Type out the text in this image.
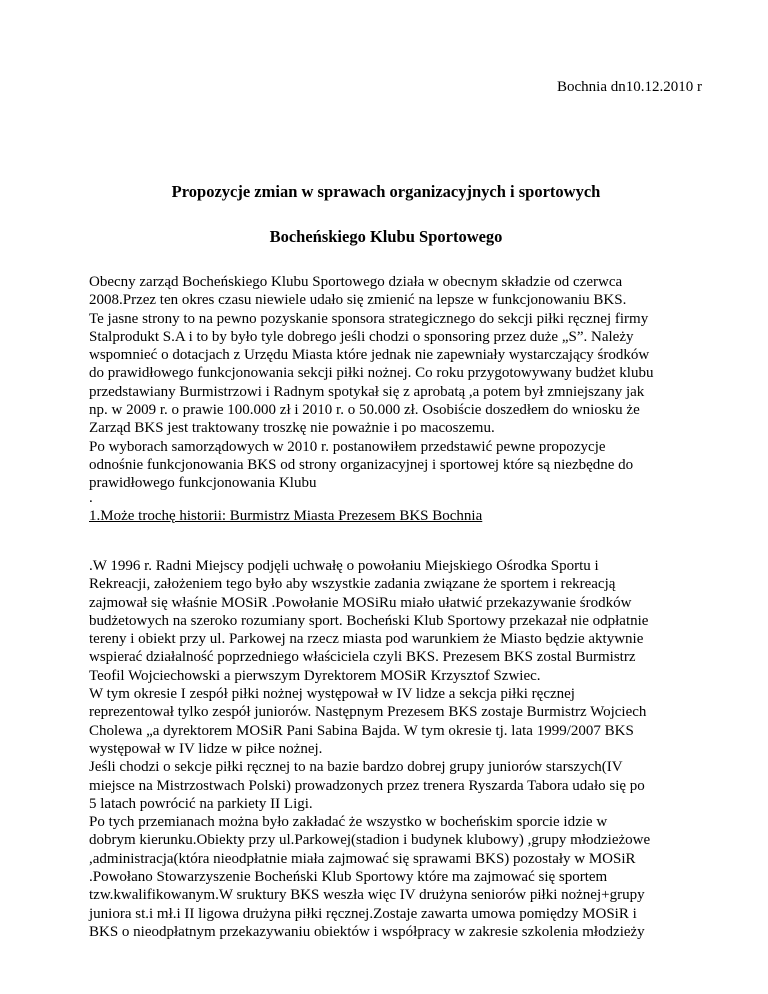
Bochnia dn10.12.2010 r
Propozycje zmian w sprawach organizacyjnych i sportowych
Bocheńskiego Klubu Sportowego
Obecny zarząd Bocheńskiego Klubu Sportowego działa w obecnym składzie od czerwca
2008.Przez ten okres czasu niewiele udało się zmienić na lepsze w funkcjonowaniu BKS.
Te jasne strony to na pewno pozyskanie sponsora strategicznego do sekcji piłki ręcznej firmy
Stalprodukt S.A i to by było tyle dobrego jeśli chodzi o sponsoring przez duże „S”. Należy
wspomnieć o dotacjach z Urzędu Miasta które jednak nie zapewniały wystarczający środków
do prawidłowego funkcjonowania sekcji piłki nożnej. Co roku przygotowywany budżet klubu
przedstawiany Burmistrzowi i Radnym spotykał się z aprobatą ,a potem był zmniejszany jak
np. w 2009 r. o prawie 100.000 zł i 2010 r. o 50.000 zł. Osobiście doszedłem do wniosku że
Zarząd BKS jest traktowany troszkę nie poważnie i po macoszemu.
Po wyborach samorządowych w 2010 r. postanowiłem przedstawić pewne propozycje
odnośnie funkcjonowania BKS od strony organizacyjnej i sportowej które są niezbędne do
prawidłowego funkcjonowania Klubu
.
1.Może trochę historii: Burmistrz Miasta Prezesem BKS Bochnia
.W 1996 r. Radni Miejscy podjęli uchwałę o powołaniu Miejskiego Ośrodka Sportu i
Rekreacji, założeniem tego było aby wszystkie zadania związane że sportem i rekreacją
zajmował się właśnie MOSiR .Powołanie MOSiRu miało ułatwić przekazywanie środków
budżetowych na szeroko rozumiany sport. Bocheński Klub Sportowy przekazał nie odpłatnie
tereny i obiekt przy ul. Parkowej na rzecz miasta pod warunkiem że Miasto będzie aktywnie
wspierać działalność poprzedniego właściciela czyli BKS. Prezesem BKS zostal Burmistrz
Teofil Wojciechowski a pierwszym Dyrektorem MOSiR Krzysztof Szwiec.
W tym okresie I zespół piłki nożnej występował w IV lidze a sekcja piłki ręcznej
reprezentował tylko zespół juniorów. Następnym Prezesem BKS zostaje Burmistrz Wojciech
Cholewa „a dyrektorem MOSiR Pani Sabina Bajda. W tym okresie tj. lata 1999/2007 BKS
występował w IV lidze w piłce nożnej.
Jeśli chodzi o sekcje piłki ręcznej to na bazie bardzo dobrej grupy juniorów starszych(IV
miejsce na Mistrzostwach Polski) prowadzonych przez trenera Ryszarda Tabora udało się po
5 latach powrócić na parkiety II Ligi.
Po tych przemianach można było zakładać że wszystko w bocheńskim sporcie idzie w
dobrym kierunku.Obiekty przy ul.Parkowej(stadion i budynek klubowy) ,grupy młodzieżowe
,administracja(która nieodpłatnie miała zajmować się sprawami BKS) pozostały w MOSiR
.Powołano Stowarzyszenie Bocheński Klub Sportowy które ma zajmować się sportem
tzw.kwalifikowanym.W sruktury BKS weszła więc IV drużyna seniorów piłki nożnej+grupy
juniora st.i mł.i II ligowa drużyna piłki ręcznej.Zostaje zawarta umowa pomiędzy MOSiR i
BKS o nieodpłatnym przekazywaniu obiektów i współpracy w zakresie szkolenia młodzieży
